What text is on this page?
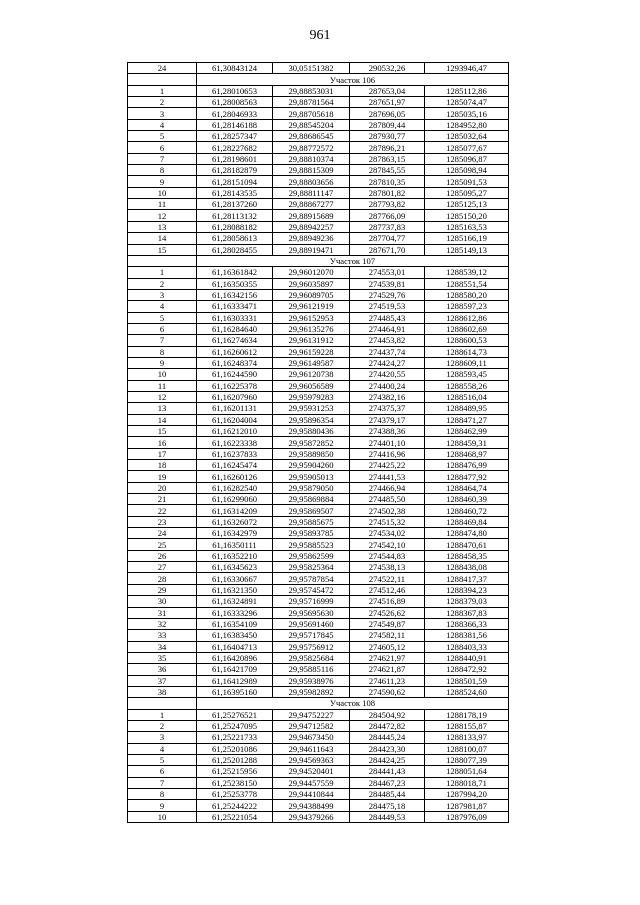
961
24	61,30843124	30,05151382	290532,26	1293946,47
	Участок 106			
1	61,28010653	29,88853031	287653,04	1285112,86
2	61,28008563	29,88781564	287651,97	1285074,47
3	61,28046933	29,88705618	287696,05	1285035,16
4	61,28146188	29,88545204	287809,44	1284952,80
5	61,28257347	29,88686545	287930,77	1285032,64
6	61,28227682	29,88772572	287896,21	1285077,67
7	61,28198601	29,88810374	287863,15	1285096,87
8	61,28182879	29,88815309	287845,55	1285098,94
9	61,28151094	29,88803656	287810,35	1285091,53
10	61,28143535	29,88811147	287801,82	1285095,27
11	61,28137260	29,88867277	287793,82	1285125,13
12	61,28113132	29,88915689	287766,09	1285150,20
13	61,28088182	29,88942257	287737,83	1285163,53
14	61,28058613	29,88949236	287704,77	1285166,19
15	61,28028455	29,88919471	287671,70	1285149,13
	Участок 107			
1	61,16361842	29,96012070	274553,01	1288539,12
2	61,16350355	29,96035897	274539,81	1288551,54
3	61,16342156	29,96089705	274529,76	1288580,20
4	61,16333471	29,96121919	274519,53	1288597,23
5	61,16303331	29,96152953	274485,43	1288612,86
6	61,16284640	29,96135276	274464,91	1288602,69
7	61,16274634	29,96131912	274453,82	1288600,53
8	61,16260612	29,96159228	274437,74	1288614,73
9	61,16248374	29,96149587	274424,27	1288609,11
10	61,16244590	29,96120738	274420,55	1288593,45
11	61,16225378	29,96056589	274400,24	1288558,26
12	61,16207960	29,95979283	274382,16	1288516,04
13	61,16201131	29,95931253	274375,37	1288489,95
14	61,16204004	29,95896354	274379,17	1288471,27
15	61,16212010	29,95880436	274388,36	1288462,99
16	61,16223338	29,95872852	274401,10	1288459,31
17	61,16237833	29,95889850	274416,96	1288468,97
18	61,16245474	29,95904260	274425,22	1288476,99
19	61,16260126	29,95905013	274441,53	1288477,92
20	61,16282540	29,95879050	274466,94	1288464,74
21	61,16299060	29,95869884	274485,50	1288460,39
22	61,16314209	29,95869507	274502,38	1288460,72
23	61,16326072	29,95885675	274515,32	1288469,84
24	61,16342979	29,95893785	274534,02	1288474,80
25	61,16350111	29,95885523	274542,10	1288470,61
26	61,16352210	29,95862599	274544,83	1288458,35
27	61,16345623	29,95825364	274538,13	1288438,08
28	61,16330667	29,95787854	274522,11	1288417,37
29	61,16321350	29,95745472	274512,46	1288394,23
30	61,16324891	29,95716999	274516,89	1288379,03
31	61,16333296	29,95695630	274526,62	1288367,83
32	61,16354109	29,95691460	274549,87	1288366,33
33	61,16383450	29,95717845	274582,11	1288381,56
34	61,16404713	29,95756912	274605,12	1288403,33
35	61,16420896	29,95825684	274621,97	1288440,91
36	61,16421709	29,95885116	274621,87	1288472,92
37	61,16412989	29,95938976	274611,23	1288501,59
38	61,16395160	29,95982892	274590,62	1288524,60
	Участок 108			
1	61,25276521	29,94752227	284504,92	1288178,19
2	61,25247095	29,94712582	284472,82	1288155,87
3	61,25221733	29,94673450	284445,24	1288133,97
4	61,25201086	29,94611643	284423,30	1288100,07
5	61,25201288	29,94569363	284424,25	1288077,39
6	61,25215956	29,94520401	284441,43	1288051,64
7	61,25238150	29,94457559	284467,23	1288018,71
8	61,25253778	29,94410844	284485,44	1287994,20
9	61,25244222	29,94388499	284475,18	1287981,87
10	61,25221054	29,94379266	284449,53	1287976,09
